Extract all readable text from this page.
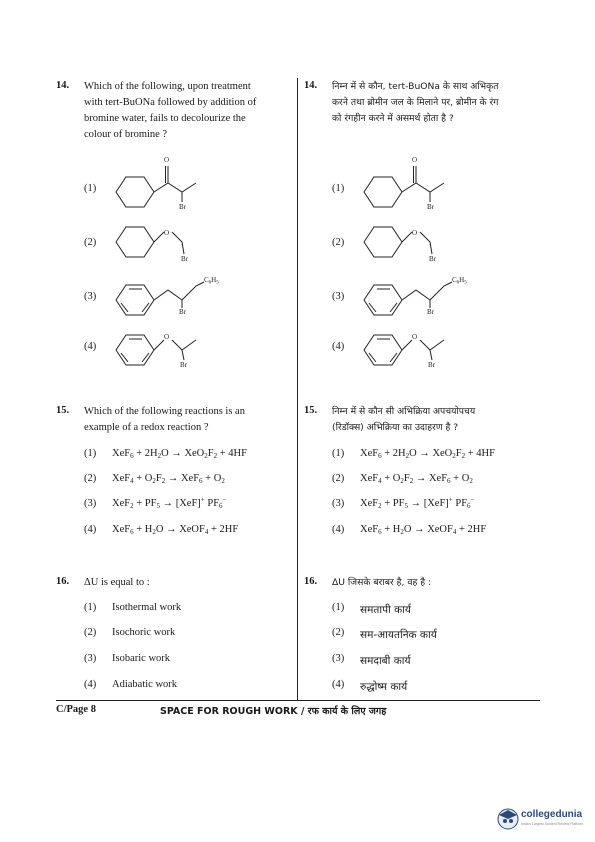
14. Which of the following, upon treatment
with tert-BuONa followed by addition of
bromine water, fails to decolourize the
colour of bromine ?
14. निम्न में से कौन, tert-BuONa के साथ अभिकृत
करने तथा ब्रोमीन जल के मिलाने पर, ब्रोमीन के रंग
को रंगहीन करने में असमर्थ होता है ?
(1)
(2)
(3)
(4)
(1)
(2)
(3)
(4)
O
Br
O
Br
O
Br
O
Br
$C_6H_5$
Br
$C_6H_5$
Br
O
Br
O
Br
15. Which of the following reactions is an
example of a redox reaction ?
15. निम्न में से कौन सी अभिक्रिया अपचयोपचय
(रिडॉक्स) अभिक्रिया का उदाहरण है ?
(1) $XeF_6 + 2H_2O \to XeO_2F_2 + 4HF$
(2) $XeF_4 + O_2F_2 \to XeF_6 + O_2$
(3) $XeF_2 + PF_5 \to [XeF]^+$ $PF_6^-$
(4) $XeF_6 + H_2O$ → XeOF$_4$ + 2HF
(1) $XeF_6 + 2H_2O \to XeO_2F_2 + 4HF$
(2) $XeF_4 + O_2F_2 \to XeF_6 + O_2$
(3) $XeF_2 + PF_5 \to [XeF]^+$ $PF_6^-$
(4) $XeF_6 + H_2O$ → XeOF$_4$ + 2HF
16. ΔU is equal to :	16. ΔU जिसके बराबर है, वह है :
(1) Isothermal work
(2) Isochoric work
(3) Isobaric work
(4) Adiabatic work
(1) समतापी कार्य
(2) सम-आयतनिक कार्य
(3) समदाबी कार्य
(4) रुद्धोष्म कार्य
C/Page 8	SPACE FOR ROUGH WORK / रफ कार्य के लिए जगह
collegedunia
India's Largest Student Review Platform
